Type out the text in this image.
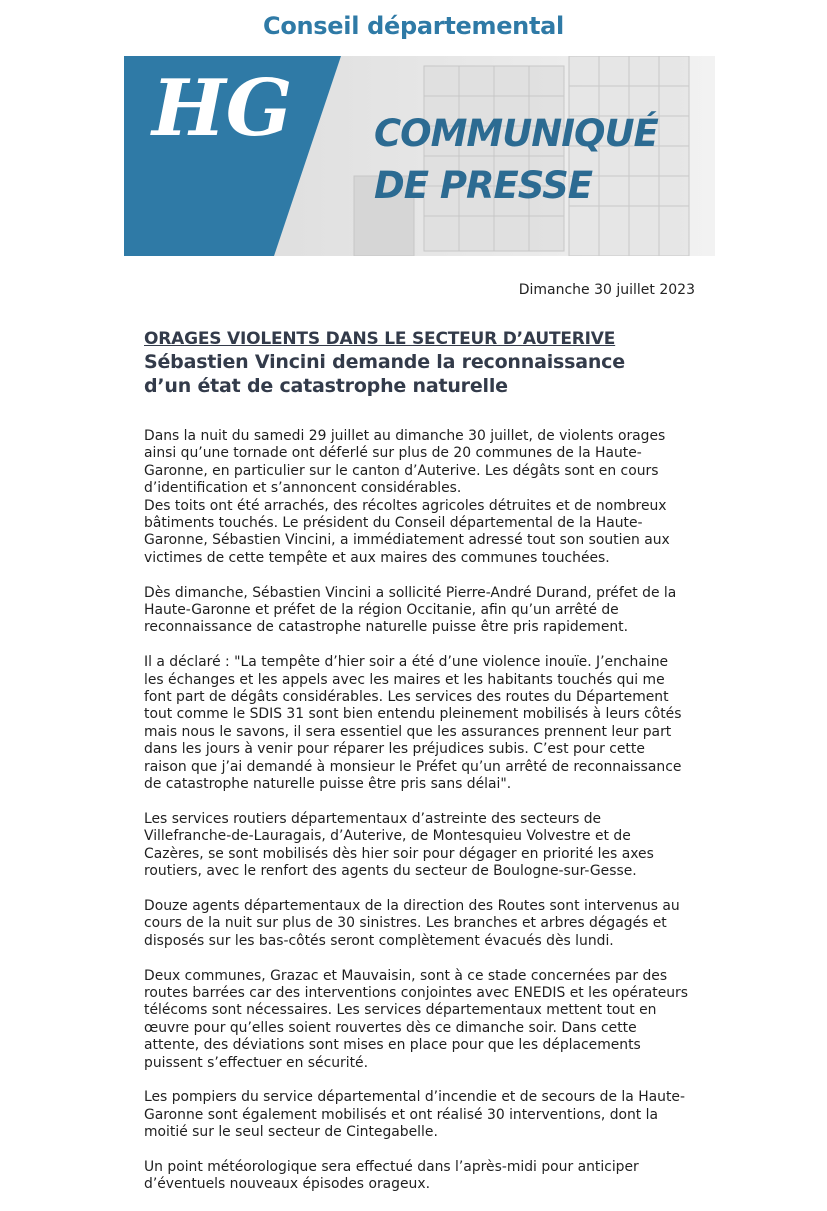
Conseil départemental
HG COMMUNIQUÉ
DE PRESSE
Dimanche 30 juillet 2023
ORAGES VIOLENTS DANS LE SECTEUR D’AUTERIVE
Sébastien Vincini demande la reconnaissance
d’un état de catastrophe naturelle

Dans la nuit du samedi 29 juillet au dimanche 30 juillet, de violents orages
ainsi qu’une tornade ont déferlé sur plus de 20 communes de la Haute-
Garonne, en particulier sur le canton d’Auterive. Les dégâts sont en cours
d’identification et s’annoncent considérables.
Des toits ont été arrachés, des récoltes agricoles détruites et de nombreux
bâtiments touchés. Le président du Conseil départemental de la Haute-
Garonne, Sébastien Vincini, a immédiatement adressé tout son soutien aux
victimes de cette tempête et aux maires des communes touchées.

Dès dimanche, Sébastien Vincini a sollicité Pierre-André Durand, préfet de la
Haute-Garonne et préfet de la région Occitanie, afin qu’un arrêté de
reconnaissance de catastrophe naturelle puisse être pris rapidement.

Il a déclaré : "La tempête d’hier soir a été d’une violence inouïe. J’enchaine
les échanges et les appels avec les maires et les habitants touchés qui me
font part de dégâts considérables. Les services des routes du Département
tout comme le SDIS 31 sont bien entendu pleinement mobilisés à leurs côtés
mais nous le savons, il sera essentiel que les assurances prennent leur part
dans les jours à venir pour réparer les préjudices subis. C’est pour cette
raison que j’ai demandé à monsieur le Préfet qu’un arrêté de reconnaissance
de catastrophe naturelle puisse être pris sans délai".

Les services routiers départementaux d’astreinte des secteurs de
Villefranche-de-Lauragais, d’Auterive, de Montesquieu Volvestre et de
Cazères, se sont mobilisés dès hier soir pour dégager en priorité les axes
routiers, avec le renfort des agents du secteur de Boulogne-sur-Gesse.

Douze agents départementaux de la direction des Routes sont intervenus au
cours de la nuit sur plus de 30 sinistres. Les branches et arbres dégagés et
disposés sur les bas-côtés seront complètement évacués dès lundi.

Deux communes, Grazac et Mauvaisin, sont à ce stade concernées par des
routes barrées car des interventions conjointes avec ENEDIS et les opérateurs
télécoms sont nécessaires. Les services départementaux mettent tout en
œuvre pour qu’elles soient rouvertes dès ce dimanche soir. Dans cette
attente, des déviations sont mises en place pour que les déplacements
puissent s’effectuer en sécurité.

Les pompiers du service départemental d’incendie et de secours de la Haute-
Garonne sont également mobilisés et ont réalisé 30 interventions, dont la
moitié sur le seul secteur de Cintegabelle.

Un point météorologique sera effectué dans l’après-midi pour anticiper
d’éventuels nouveaux épisodes orageux.
